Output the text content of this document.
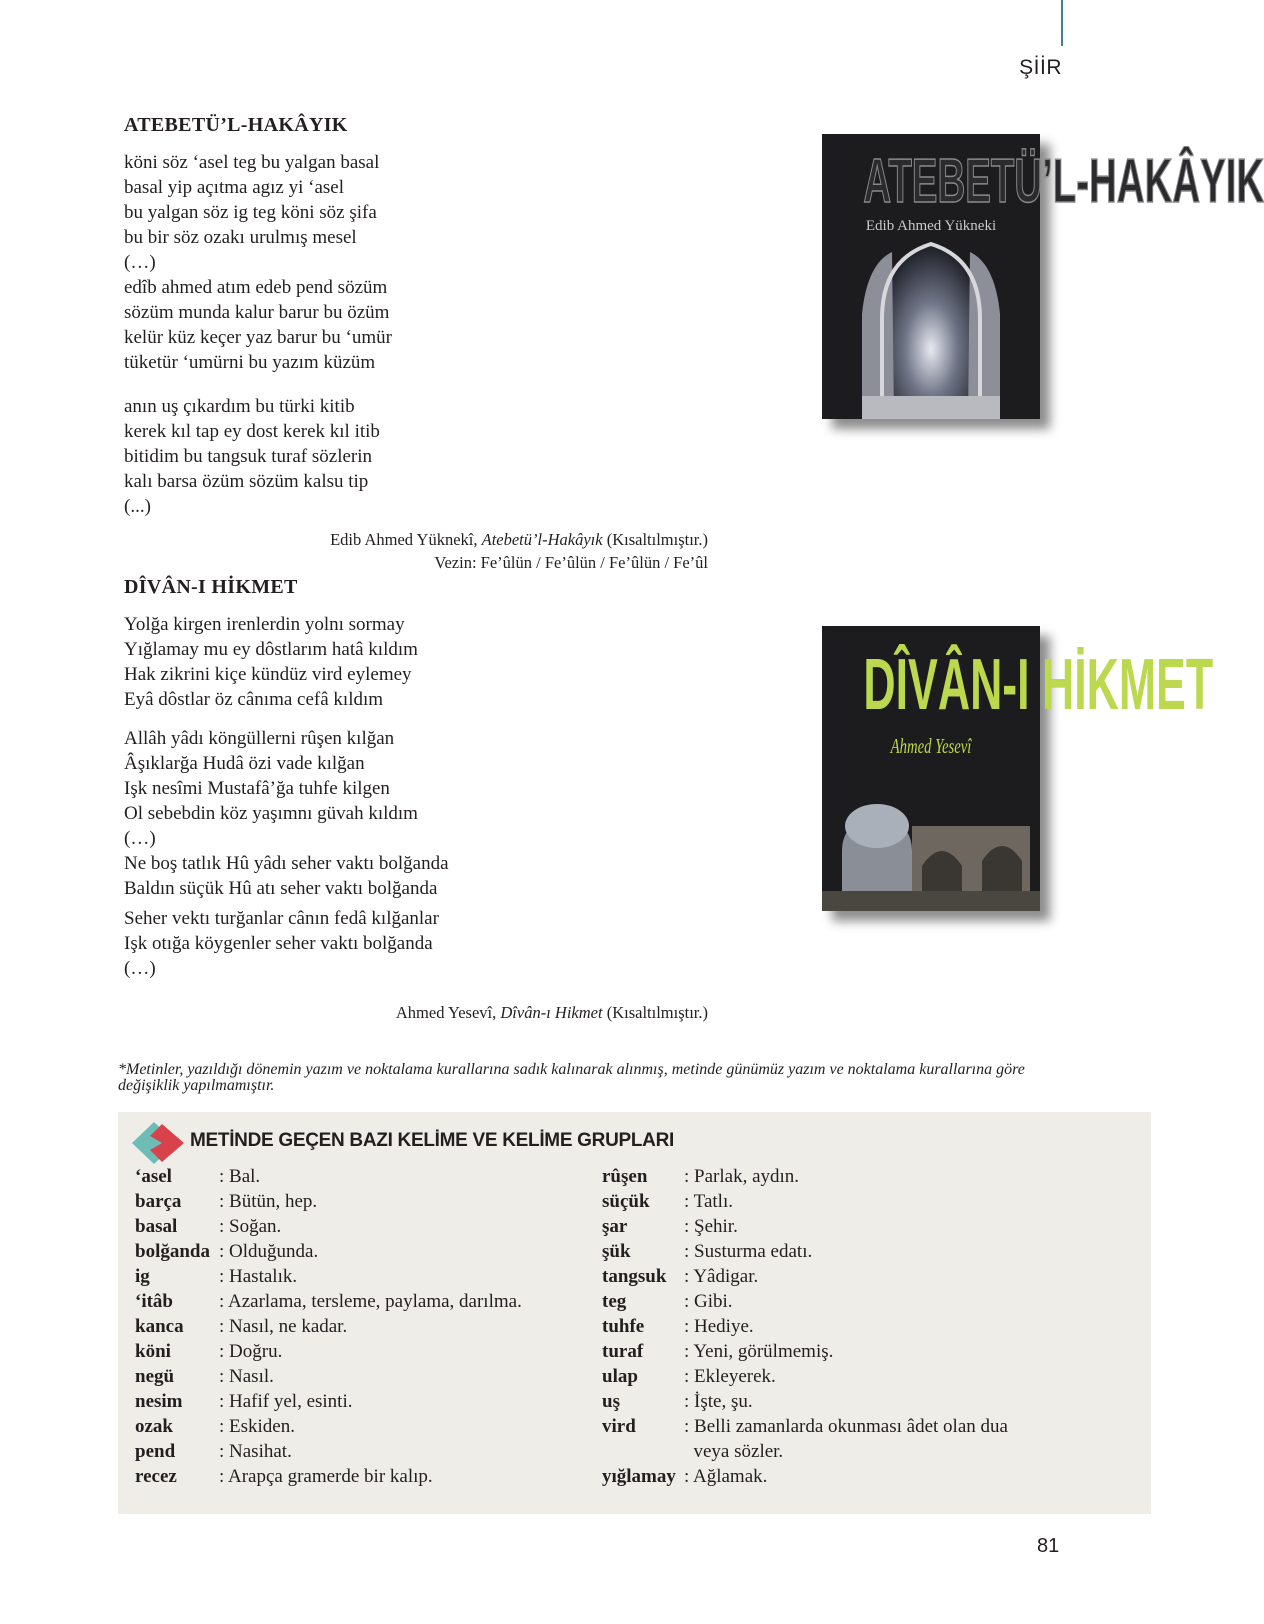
ŞİİR
ATEBETÜ’L-HAKÂYIK
köni söz ‘asel teg bu yalgan basal
basal yip açıtma agız yi ‘asel
bu yalgan söz ig teg köni söz şifa
bu bir söz ozakı urulmış mesel
(…)
edîb ahmed atım edeb pend sözüm
sözüm munda kalur barur bu özüm
kelür küz keçer yaz barur bu ‘umür
tüketür ‘umürni bu yazım küzüm
anın uş çıkardım bu türki kitib
kerek kıl tap ey dost kerek kıl itib
bitidim bu tangsuk turaf sözlerin
kalı barsa özüm sözüm kalsu tip
(...)
Edib Ahmed Yüknekî, Atebetü’l-Hakâyık (Kısaltılmıştır.)
Vezin: Fe’ûlün / Fe’ûlün / Fe’ûlün / Fe’ûl
ATEBETÜ’L-HAKÂYIK
Edib Ahmed Yükneki
DÎVÂN-I HİKMET
Yolğa kirgen irenlerdin yolnı sormay
Yığlamay mu ey dôstlarım hatâ kıldım
Hak zikrini kiçe kündüz vird eylemey
Eyâ dôstlar öz cânıma cefâ kıldım
Allâh yâdı köngüllerni rûşen kılğan
Âşıklarğa Hudâ özi vade kılğan
Işk nesîmi Mustafâ’ğa tuhfe kilgen
Ol sebebdin köz yaşımnı güvah kıldım
(…)
Ne boş tatlık Hû yâdı seher vaktı bolğanda
Baldın süçük Hû atı seher vaktı bolğanda
Seher vektı turğanlar cânın fedâ kılğanlar
Işk otığa köygenler seher vaktı bolğanda
(…)
Ahmed Yesevî, Dîvân-ı Hikmet (Kısaltılmıştır.)
DÎVÂN-I HİKMET
Ahmed Yesevî
*Metinler, yazıldığı dönemin yazım ve noktalama kurallarına sadık kalınarak alınmış, metinde günümüz yazım ve noktalama kurallarına göre değişiklik yapılmamıştır.
METİNDE GEÇEN BAZI KELİME VE KELİME GRUPLARI
‘asel	: Bal.
barça	: Bütün, hep.
basal	: Soğan.
bolğanda : Olduğunda.
ig	: Hastalık.
‘itâb	: Azarlama, tersleme, paylama, darılma.
kanca	: Nasıl, ne kadar.
köni	: Doğru.
negü	: Nasıl.
nesim	: Hafif yel, esinti.
ozak	: Eskiden.
pend	: Nasihat.
recez	: Arapça gramerde bir kalıp.
rûşen	: Parlak, aydın.
süçük	: Tatlı.
şar	: Şehir.
şük	: Susturma edatı.
tangsuk : Yâdigar.
teg	: Gibi.
tuhfe	: Hediye.
turaf	: Yeni, görülmemiş.
ulap	: Ekleyerek.
uş	: İşte, şu.
vird	: Belli zamanlarda okunması âdet olan dua
veya sözler.
yığlamay : Ağlamak.
81
